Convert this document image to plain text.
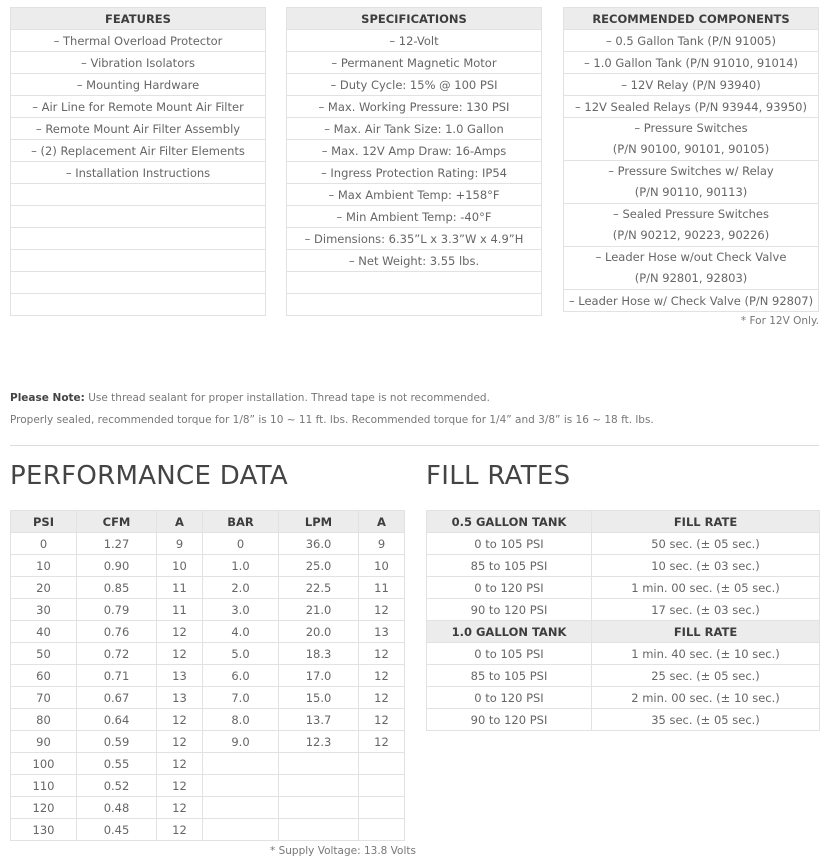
FEATURES
– Thermal Overload Protector
– Vibration Isolators
– Mounting Hardware
– Air Line for Remote Mount Air Filter
– Remote Mount Air Filter Assembly
– (2) Replacement Air Filter Elements
– Installation Instructions

SPECIFICATIONS
– 12-Volt
– Permanent Magnetic Motor
– Duty Cycle: 15% @ 100 PSI
– Max. Working Pressure: 130 PSI
– Max. Air Tank Size: 1.0 Gallon
– Max. 12V Amp Draw: 16-Amps
– Ingress Protection Rating: IP54
– Max Ambient Temp: +158°F
– Min Ambient Temp: -40°F
– Dimensions: 6.35”L x 3.3”W x 4.9”H
– Net Weight: 3.55 lbs.

RECOMMENDED COMPONENTS
– 0.5 Gallon Tank (P/N 91005)
– 1.0 Gallon Tank (P/N 91010, 91014)
– 12V Relay (P/N 93940)
– 12V Sealed Relays (P/N 93944, 93950)

– Pressure Switches
(P/N 90100, 90101, 90105)

– Pressure Switches w/ Relay
(P/N 90110, 90113)

– Sealed Pressure Switches
(P/N 90212, 90223, 90226)

– Leader Hose w/out Check Valve
(P/N 92801, 92803)

– Leader Hose w/ Check Valve (P/N 92807)
* For 12V Only.
Please Note: Use thread sealant for proper installation. Thread tape is not recommended.
Properly sealed, recommended torque for 1/8” is 10 ~ 11 ft. lbs. Recommended torque for 1/4” and 3/8” is 16 ~ 18 ft. lbs.
PERFORMANCE DATA
PSI	CFM	A	BAR	LPM	A
0	1.27	9	0	36.0	9
10	0.90	10	1.0	25.0	10
20	0.85	11	2.0	22.5	11
30	0.79	11	3.0	21.0	12
40	0.76	12	4.0	20.0	13
50	0.72	12	5.0	18.3	12
60	0.71	13	6.0	17.0	12
70	0.67	13	7.0	15.0	12
80	0.64	12	8.0	13.7	12
90	0.59	12	9.0	12.3	12
100	0.55	12			
110	0.52	12			
120	0.48	12			
130	0.45	12			
* Supply Voltage: 13.8 Volts
FILL RATES
0.5 GALLON TANK	FILL RATE
0 to 105 PSI	50 sec. (± 05 sec.)
85 to 105 PSI	10 sec. (± 03 sec.)
0 to 120 PSI	1 min. 00 sec. (± 05 sec.)
90 to 120 PSI	17 sec. (± 03 sec.)
1.0 GALLON TANK	FILL RATE
0 to 105 PSI	1 min. 40 sec. (± 10 sec.)
85 to 105 PSI	25 sec. (± 05 sec.)
0 to 120 PSI	2 min. 00 sec. (± 10 sec.)
90 to 120 PSI	35 sec. (± 05 sec.)
